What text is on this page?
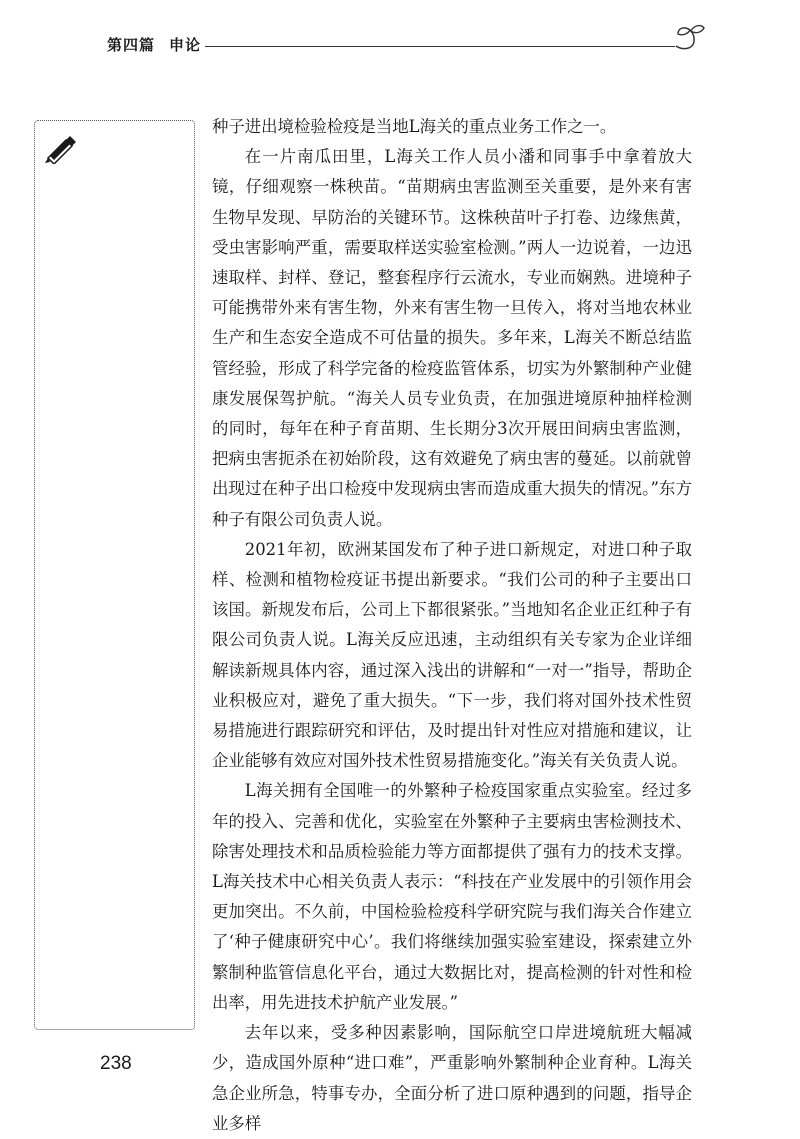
第四篇 申论

种子进出境检验检疫是当地L海关的重点业务工作之一。

在一片南瓜田里，L海关工作人员小潘和同事手中拿着放大镜，仔细观察一株秧苗。“苗期病虫害监测至关重要，是外来有害生物早发现、早防治的关键环节。这株秧苗叶子打卷、边缘焦黄，受虫害影响严重，需要取样送实验室检测。”两人一边说着，一边迅速取样、封样、登记，整套程序行云流水，专业而娴熟。进境种子可能携带外来有害生物，外来有害生物一旦传入，将对当地农林业生产和生态安全造成不可估量的损失。多年来，L海关不断总结监管经验，形成了科学完备的检疫监管体系，切实为外繁制种产业健康发展保驾护航。“海关人员专业负责，在加强进境原种抽样检测的同时，每年在种子育苗期、生长期分3次开展田间病虫害监测，把病虫害扼杀在初始阶段，这有效避免了病虫害的蔓延。以前就曾出现过在种子出口检疫中发现病虫害而造成重大损失的情况。”东方种子有限公司负责人说。

2021年初，欧洲某国发布了种子进口新规定，对进口种子取样、检测和植物检疫证书提出新要求。“我们公司的种子主要出口该国。新规发布后，公司上下都很紧张。”当地知名企业正红种子有限公司负责人说。L海关反应迅速，主动组织有关专家为企业详细解读新规具体内容，通过深入浅出的讲解和“一对一”指导，帮助企业积极应对，避免了重大损失。“下一步，我们将对国外技术性贸易措施进行跟踪研究和评估，及时提出针对性应对措施和建议，让企业能够有效应对国外技术性贸易措施变化。”海关有关负责人说。

L海关拥有全国唯一的外繁种子检疫国家重点实验室。经过多年的投入、完善和优化，实验室在外繁种子主要病虫害检测技术、除害处理技术和品质检验能力等方面都提供了强有力的技术支撑。L海关技术中心相关负责人表示：“科技在产业发展中的引领作用会更加突出。不久前，中国检验检疫科学研究院与我们海关合作建立了‘种子健康研究中心’。我们将继续加强实验室建设，探索建立外繁制种监管信息化平台，通过大数据比对，提高检测的针对性和检出率，用先进技术护航产业发展。”

去年以来，受多种因素影响，国际航空口岸进境航班大幅减少，造成国外原种“进口难”，严重影响外繁制种企业育种。L海关急企业所急，特事专办，全面分析了进口原种遇到的问题，指导企业多样

238
